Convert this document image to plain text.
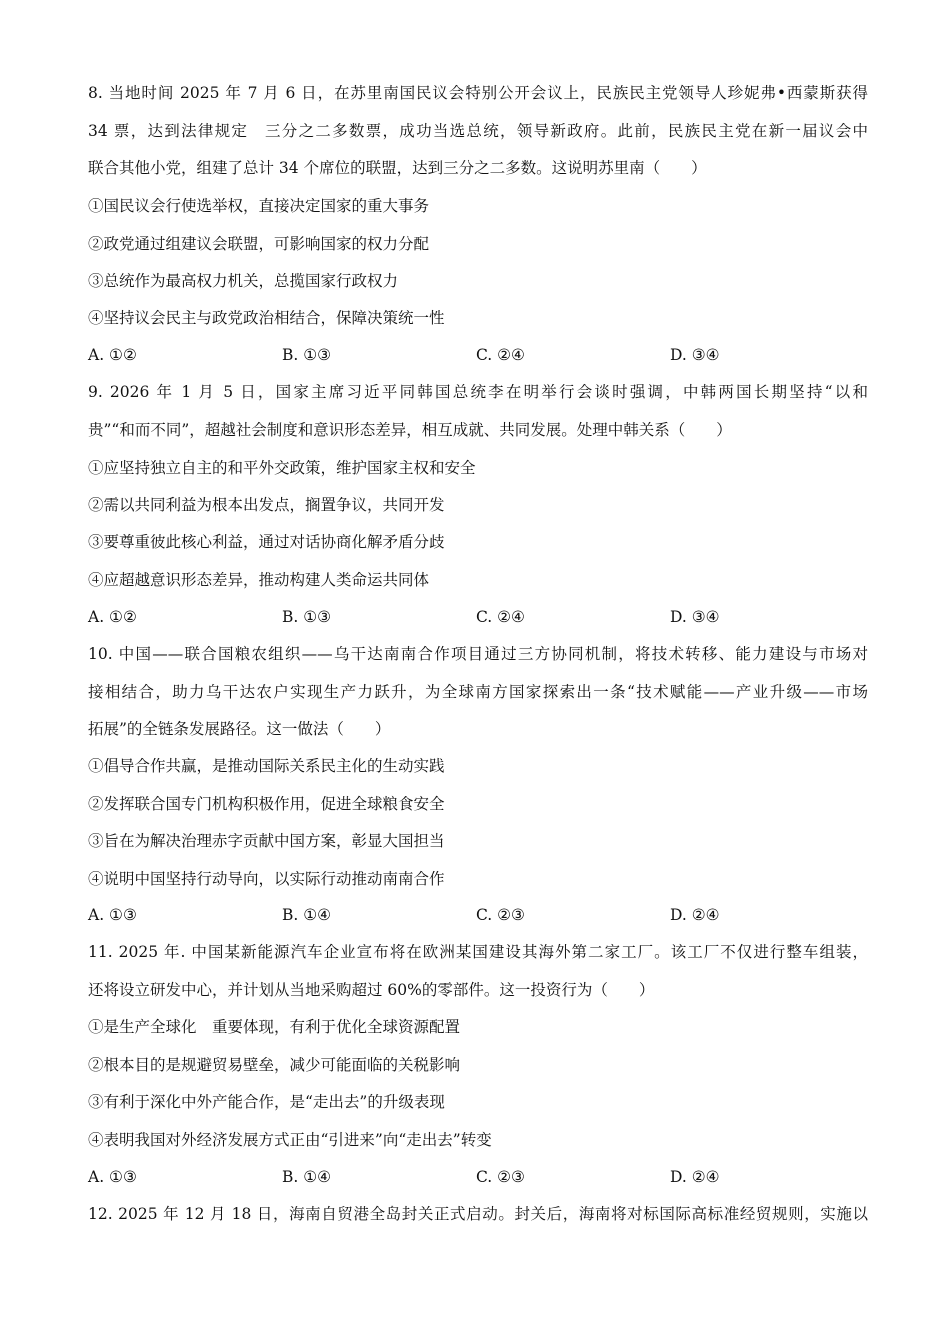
8. 当地时间 2025 年 7 月 6 日，在苏里南国民议会特别公开会议上，民族民主党领导人珍妮弗•西蒙斯获得
34 票，达到法律规定　三分之二多数票，成功当选总统，领导新政府。此前，民族民主党在新一届议会中
联合其他小党，组建了总计 34 个席位的联盟，达到三分之二多数。这说明苏里南（　　）
①国民议会行使选举权，直接决定国家的重大事务
②政党通过组建议会联盟，可影响国家的权力分配
③总统作为最高权力机关，总揽国家行政权力
④坚持议会民主与政党政治相结合，保障决策统一性
A. ①②	B. ①③	C. ②④	D. ③④
9. 2026 年 1 月 5 日，国家主席习近平同韩国总统李在明举行会谈时强调，中韩两国长期坚持“以和
贵”“和而不同”，超越社会制度和意识形态差异，相互成就、共同发展。处理中韩关系（　　）
①应坚持独立自主的和平外交政策，维护国家主权和安全
②需以共同利益为根本出发点，搁置争议，共同开发
③要尊重彼此核心利益，通过对话协商化解矛盾分歧
④应超越意识形态差异，推动构建人类命运共同体
A. ①②	B. ①③	C. ②④	D. ③④
10. 中国——联合国粮农组织——乌干达南南合作项目通过三方协同机制，将技术转移、能力建设与市场对
接相结合，助力乌干达农户实现生产力跃升，为全球南方国家探索出一条“技术赋能——产业升级——市场
拓展”的全链条发展路径。这一做法（　　）
①倡导合作共赢，是推动国际关系民主化的生动实践
②发挥联合国专门机构积极作用，促进全球粮食安全
③旨在为解决治理赤字贡献中国方案，彰显大国担当
④说明中国坚持行动导向，以实际行动推动南南合作
A. ①③	B. ①④	C. ②③	D. ②④
11. 2025 年. 中国某新能源汽车企业宣布将在欧洲某国建设其海外第二家工厂。该工厂不仅进行整车组装，
还将设立研发中心，并计划从当地采购超过 60%的零部件。这一投资行为（　　）
①是生产全球化　重要体现，有利于优化全球资源配置
②根本目的是规避贸易壁垒，减少可能面临的关税影响
③有利于深化中外产能合作，是“走出去”的升级表现
④表明我国对外经济发展方式正由“引进来”向“走出去”转变
A. ①③	B. ①④	C. ②③	D. ②④
12. 2025 年 12 月 18 日，海南自贸港全岛封关正式启动。封关后，海南将对标国际高标准经贸规则，实施以
